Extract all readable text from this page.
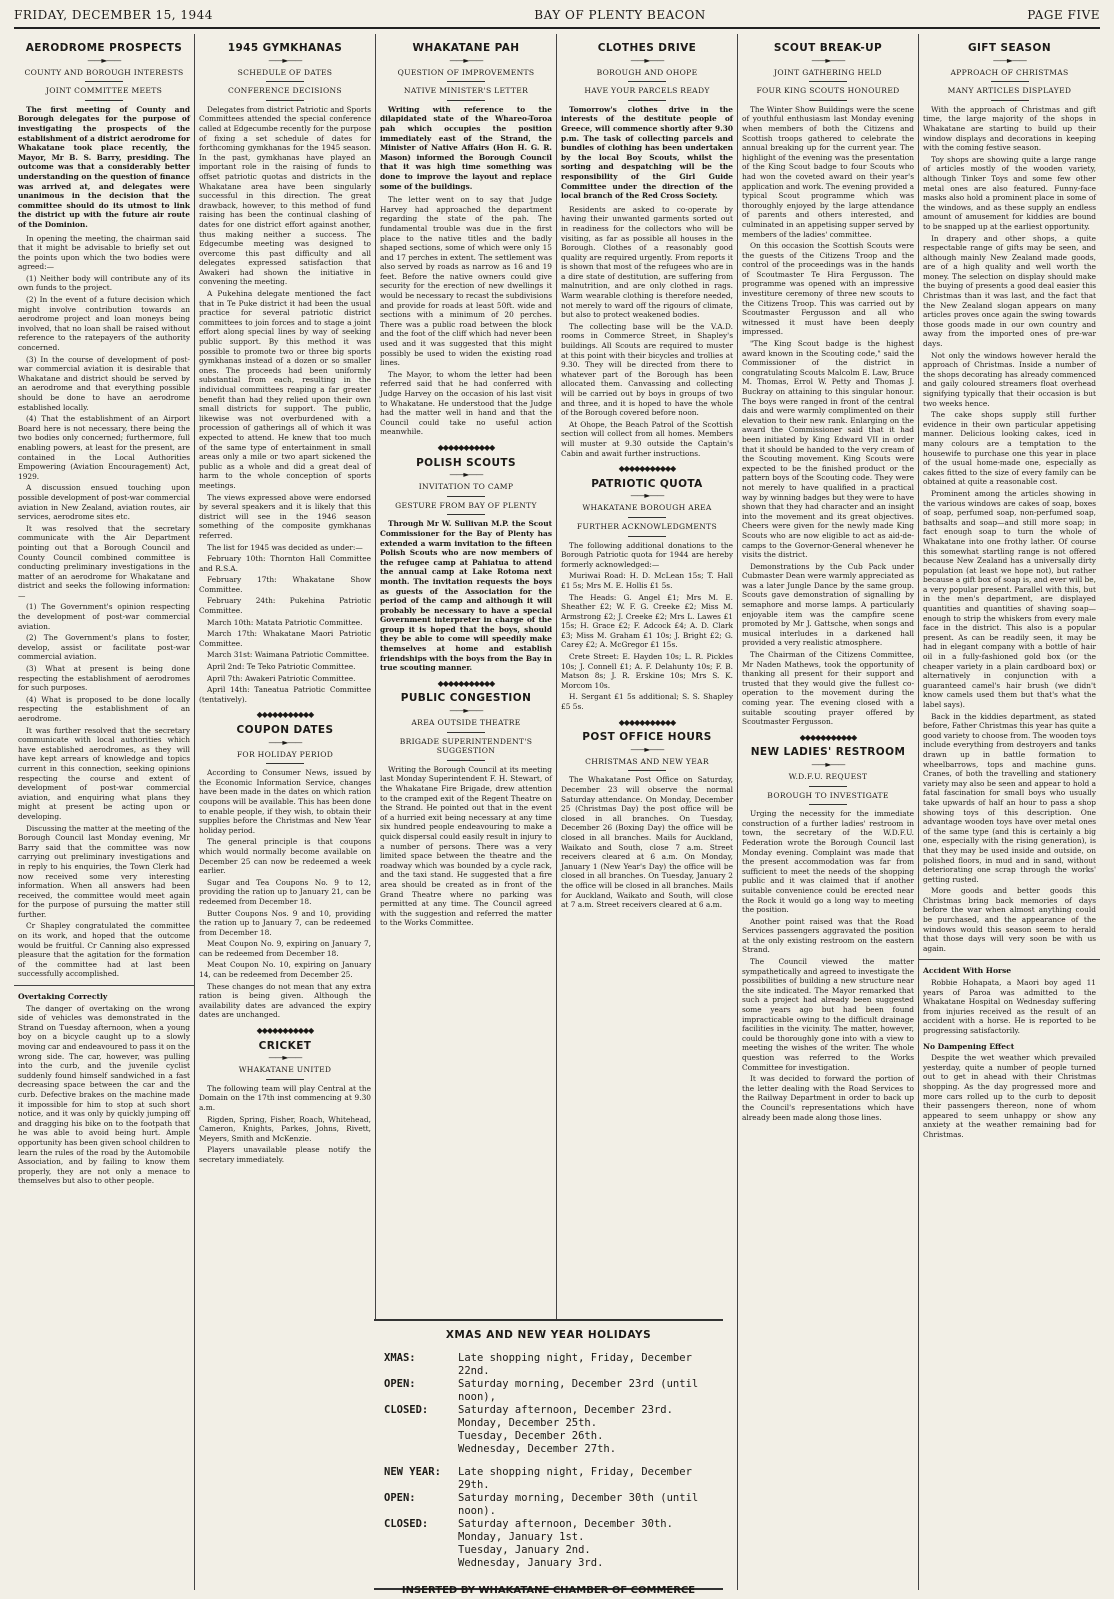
FRIDAY, DECEMBER 15, 1944	BAY OF PLENTY BEACON	PAGE FIVE
AERODROME PROSPECTS
——►——
COUNTY AND BOROUGH INTERESTS
JOINT COMMITTEE MEETS

The first meeting of County and Borough delegates for the purpose of investigating the prospects of the establishment of a district aerodrome for Whakatane took place recently, the Mayor, Mr B. S. Barry, presiding. The outcome was that a considerably better understanding on the question of finance was arrived at, and delegates were unanimous in the decision that the committee should do its utmost to link the district up with the future air route of the Dominion.

In opening the meeting, the chairman said that it might be advisable to briefly set out the points upon which the two bodies were agreed:—

(1) Neither body will contribute any of its own funds to the project.

(2) In the event of a future decision which might involve contribution towards an aerodrome project and loan moneys being involved, that no loan shall be raised without reference to the ratepayers of the authority concerned.

(3) In the course of development of post-war commercial aviation it is desirable that Whakatane and district should be served by an aerodrome and that everything possible should be done to have an aerodrome established locally.

(4) That the establishment of an Airport Board here is not necessary, there being the two bodies only concerned; furthermore, full enabling powers, at least for the present, are contained in the Local Authorities Empowering (Aviation Encouragement) Act, 1929.

A discussion ensued touching upon possible development of post-war commercial aviation in New Zealand, aviation routes, air services, aerodrome sites etc.

It was resolved that the secretary communicate with the Air Department pointing out that a Borough Council and County Council combined committee is conducting preliminary investigations in the matter of an aerodrome for Whakatane and district and seeks the following information:—

(1) The Government's opinion respecting the development of post-war commercial aviation.

(2) The Government's plans to foster, develop, assist or facilitate post-war commercial aviation.

(3) What at present is being done respecting the establishment of aerodromes for such purposes.

(4) What is proposed to be done locally respecting the establishment of an aerodrome.

It was further resolved that the secretary communicate with local authorities which have established aerodromes, as they will have kept arrears of knowledge and topics current in this connection, seeking opinions respecting the course and extent of development of post-war commercial aviation, and enquiring what plans they might at present be acting upon or developing.

Discussing the matter at the meeting of the Borough Council last Monday evening, Mr Barry said that the committee was now carrying out preliminary investigations and in reply to his enquiries, the Town Clerk had now received some very interesting information. When all answers had been received, the committee would meet again for the purpose of pursuing the matter still further.

Cr Shapley congratulated the committee on its work, and hoped that the outcome would be fruitful. Cr Canning also expressed pleasure that the agitation for the formation of the committee had at last been successfully accomplished.

Overtaking Correctly

The danger of overtaking on the wrong side of vehicles was demonstrated in the Strand on Tuesday afternoon, when a young boy on a bicycle caught up to a slowly moving car and endeavoured to pass it on the wrong side. The car, however, was pulling into the curb, and the juvenile cyclist suddenly found himself sandwiched in a fast decreasing space between the car and the curb. Defective brakes on the machine made it impossible for him to stop at such short notice, and it was only by quickly jumping off and dragging his bike on to the footpath that he was able to avoid being hurt. Ample opportunity has been given school children to learn the rules of the road by the Automobile Association, and by failing to know them properly, they are not only a menace to themselves but also to other people.

1945 GYMKHANAS
——►——
SCHEDULE OF DATES
CONFERENCE DECISIONS

Delegates from district Patriotic and Sports Committees attended the special conference called at Edgecumbe recently for the purpose of fixing a set schedule of dates for forthcoming gymkhanas for the 1945 season. In the past, gymkhanas have played an important role in the raising of funds to offset patriotic quotas and districts in the Whakatane area have been singularly successful in this direction. The great drawback, however, to this method of fund raising has been the continual clashing of dates for one district effort against another, thus making neither a success. The Edgecumbe meeting was designed to overcome this past difficulty and all delegates expressed satisfaction that Awakeri had shown the initiative in convening the meeting.

A Pukehina delegate mentioned the fact that in Te Puke district it had been the usual practice for several patriotic district committees to join forces and to stage a joint effort along special lines by way of seeking public support. By this method it was possible to promote two or three big sports gymkhanas instead of a dozen or so smaller ones. The proceeds had been uniformly substantial from each, resulting in the individual committees reaping a far greater benefit than had they relied upon their own small districts for support. The public, likewise was not overburdened with a procession of gatherings all of which it was expected to attend. He knew that too much of the same type of entertainment in small areas only a mile or two apart sickened the public as a whole and did a great deal of harm to the whole conception of sports meetings.

The views expressed above were endorsed by several speakers and it is likely that this district will see in the 1946 season something of the composite gymkhanas referred.

The list for 1945 was decided as under:—

February 10th: Thornton Hall Committee and R.S.A.

February 17th: Whakatane Show Committee.

February 24th: Pukehina Patriotic Committee.

March 10th: Matata Patriotic Committee.

March 17th: Whakatane Maori Patriotic Committee.

March 31st: Waimana Patriotic Committee.

April 2nd: Te Teko Patriotic Committee.

April 7th: Awakeri Patriotic Committee.

April 14th: Taneatua Patriotic Committee (tentatively).

◆◆◆◆◆◆◆◆◆◆◆
COUPON DATES
——►——
FOR HOLIDAY PERIOD

According to Consumer News, issued by the Economic Information Service, changes have been made in the dates on which ration coupons will be available. This has been done to enable people, if they wish, to obtain their supplies before the Christmas and New Year holiday period.

The general principle is that coupons which would normally become available on December 25 can now be redeemed a week earlier.

Sugar and Tea Coupons No. 9 to 12, providing the ration up to January 21, can be redeemed from December 18.

Butter Coupons Nos. 9 and 10, providing the ration up to January 7, can be redeemed from December 18.

Meat Coupon No. 9, expiring on January 7, can be redeemed from December 18.

Meat Coupon No. 10, expiring on January 14, can be redeemed from December 25.

These changes do not mean that any extra ration is being given. Although the availability dates are advanced the expiry dates are unchanged.

◆◆◆◆◆◆◆◆◆◆◆
CRICKET
——►——
WHAKATANE UNITED

The following team will play Central at the Domain on the 17th inst commencing at 9.30 a.m.

Rigden, Spring, Fisher, Roach, Whitehead, Cameron, Knights, Parkes, Johns, Rivett, Meyers, Smith and McKenzie.

Players unavailable please notify the secretary immediately.

WHAKATANE PAH
——►——
QUESTION OF IMPROVEMENTS
NATIVE MINISTER'S LETTER

Writing with reference to the dilapidated state of the Whareo-Toroa pah which occupies the position immediately east of the Strand, the Minister of Native Affairs (Hon H. G. R. Mason) informed the Borough Council that it was high time something was done to improve the layout and replace some of the buildings.

The letter went on to say that Judge Harvey had approached the department regarding the state of the pah. The fundamental trouble was due in the first place to the native titles and the badly shaped sections, some of which were only 15 and 17 perches in extent. The settlement was also served by roads as narrow as 16 and 19 feet. Before the native owners could give security for the erection of new dwellings it would be necessary to recast the subdivisions and provide for roads at least 50ft. wide and sections with a minimum of 20 perches. There was a public road between the block and the foot of the cliff which had never been used and it was suggested that this might possibly be used to widen the existing road lines.

The Mayor, to whom the letter had been referred said that he had conferred with Judge Harvey on the occasion of his last visit to Whakatane. He understood that the Judge had the matter well in hand and that the Council could take no useful action meanwhile.

◆◆◆◆◆◆◆◆◆◆◆
POLISH SCOUTS
——►——
INVITATION TO CAMP
GESTURE FROM BAY OF PLENTY

Through Mr W. Sullivan M.P. the Scout Commissioner for the Bay of Plenty has extended a warm invitation to the fifteen Polish Scouts who are now members of the refugee camp at Pahiatua to attend the annual camp at Lake Rotoma next month. The invitation requests the boys as guests of the Association for the period of the camp and although it will probably be necessary to have a special Government interpreter in charge of the group it is hoped that the boys, should they be able to come will speedily make themselves at home and establish friendships with the boys from the Bay in true scouting manner.

◆◆◆◆◆◆◆◆◆◆◆
PUBLIC CONGESTION
——►——
AREA OUTSIDE THEATRE
BRIGADE SUPERINTENDENT'S SUGGESTION

Writing the Borough Council at its meeting last Monday Superintendent F. H. Stewart, of the Whakatane Fire Brigade, drew attention to the cramped exit of the Regent Theatre on the Strand. He pointed out that in the event of a hurried exit being necessary at any time six hundred people endeavouring to make a quick dispersal could easily result in injury to a number of persons. There was a very limited space between the theatre and the roadway which was bounded by a cycle rack, and the taxi stand. He suggested that a fire area should be created as in front of the Grand Theatre where no parking was permitted at any time. The Council agreed with the suggestion and referred the matter to the Works Committee.

CLOTHES DRIVE
——►——
BOROUGH AND OHOPE
HAVE YOUR PARCELS READY

Tomorrow's clothes drive in the interests of the destitute people of Greece, will commence shortly after 9.30 p.m. The task of collecting parcels and bundles of clothing has been undertaken by the local Boy Scouts, whilst the sorting and despatching will be the responsibility of the Girl Guide Committee under the direction of the local branch of the Red Cross Society.

Residents are asked to co-operate by having their unwanted garments sorted out in readiness for the collectors who will be visiting, as far as possible all houses in the Borough. Clothes of a reasonably good quality are required urgently. From reports it is shown that most of the refugees who are in a dire state of destitution, are suffering from malnutrition, and are only clothed in rags. Warm wearable clothing is therefore needed, not merely to ward off the rigours of climate, but also to protect weakened bodies.

The collecting base will be the V.A.D. rooms in Commerce Street, in Shapley's buildings. All Scouts are required to muster at this point with their bicycles and trollies at 9.30. They will be directed from there to whatever part of the Borough has been allocated them. Canvassing and collecting will be carried out by boys in groups of two and three, and it is hoped to have the whole of the Borough covered before noon.

At Ohope, the Beach Patrol of the Scottish section will collect from all homes. Members will muster at 9.30 outside the Captain's Cabin and await further instructions.

◆◆◆◆◆◆◆◆◆◆◆
PATRIOTIC QUOTA
——►——
WHAKATANE BOROUGH AREA
FURTHER ACKNOWLEDGMENTS

The following additional donations to the Borough Patriotic quota for 1944 are hereby formerly acknowledged:—

Muriwai Road: H. D. McLean 15s; T. Hall £1 5s; Mrs M. E. Hollis £1 5s.

The Heads: G. Angel £1; Mrs M. E. Sheather £2; W. F. G. Creeke £2; Miss M. Armstrong £2; J. Creeke £2; Mrs L. Lawes £1 15s; H. Grace £2; F. Adcock £4; A. D. Clark £3; Miss M. Graham £1 10s; J. Bright £2; G. Carey £2; A. McGregor £1 15s.

Crete Street: E. Hayden 10s; L. R. Pickles 10s; J. Connell £1; A. F. Delahunty 10s; F. B. Matson 8s; J. R. Erskine 10s; Mrs S. K. Morcom 10s.

H. Sergant £1 5s additional; S. S. Shapley £5 5s.

◆◆◆◆◆◆◆◆◆◆◆
POST OFFICE HOURS
——►——
CHRISTMAS AND NEW YEAR

The Whakatane Post Office on Saturday, December 23 will observe the normal Saturday attendance. On Monday, December 25 (Christmas Day) the post office will be closed in all branches. On Tuesday, December 26 (Boxing Day) the office will be closed in all branches. Mails for Auckland, Waikato and South, close 7 a.m. Street receivers cleared at 6 a.m. On Monday, January 1 (New Year's Day) the office will be closed in all branches. On Tuesday, January 2 the office will be closed in all branches. Mails for Auckland, Waikato and South, will close at 7 a.m. Street receivers cleared at 6 a.m.

SCOUT BREAK-UP
——►——
JOINT GATHERING HELD
FOUR KING SCOUTS HONOURED

The Winter Show Buildings were the scene of youthful enthusiasm last Monday evening when members of both the Citizens and Scottish troops gathered to celebrate the annual breaking up for the current year. The highlight of the evening was the presentation of the King Scout badge to four Scouts who had won the coveted award on their year's application and work. The evening provided a typical Scout programme which was thoroughly enjoyed by the large attendance of parents and others interested, and culminated in an appetising supper served by members of the ladies' committee.

On this occasion the Scottish Scouts were the guests of the Citizens Troop and the control of the proceedings was in the hands of Scoutmaster Te Hira Fergusson. The programme was opened with an impressive investiture ceremony of three new scouts to the Citizens Troop. This was carried out by Scoutmaster Fergusson and all who witnessed it must have been deeply impressed.

"The King Scout badge is the highest award known in the Scouting code," said the Commissioner of the district in congratulating Scouts Malcolm E. Law, Bruce M. Thomas, Errol W. Petty and Thomas J. Buckray on attaining to this singular honour. The boys were ranged in front of the central dais and were warmly complimented on their elevation to their new rank. Enlarging on the award the Commissioner said that it had been initiated by King Edward VII in order that it should be handed to the very cream of the Scouting movement. King Scouts were expected to be the finished product or the pattern boys of the Scouting code. They were not merely to have qualified in a practical way by winning badges but they were to have shown that they had character and an insight into the movement and its great objectives. Cheers were given for the newly made King Scouts who are now eligible to act as aid-de-camps to the Governor-General whenever he visits the district.

Demonstrations by the Cub Pack under Cubmaster Dean were warmly appreciated as was a later Jungle Dance by the same group. Scouts gave demonstration of signalling by semaphore and morse lamps. A particularly enjoyable item was the campfire scene promoted by Mr J. Gattsche, when songs and musical interludes in a darkened hall provided a very realistic atmosphere.

The Chairman of the Citizens Committee, Mr Naden Mathews, took the opportunity of thanking all present for their support and trusted that they would give the fullest co-operation to the movement during the coming year. The evening closed with a suitable scouting prayer offered by Scoutmaster Fergusson.

◆◆◆◆◆◆◆◆◆◆◆
NEW LADIES' RESTROOM
——►——
W.D.F.U. REQUEST
BOROUGH TO INVESTIGATE

Urging the necessity for the immediate construction of a further ladies' restroom in town, the secretary of the W.D.F.U. Federation wrote the Borough Council last Monday evening. Complaint was made that the present accommodation was far from sufficient to meet the needs of the shopping public and it was claimed that if another suitable convenience could be erected near the Rock it would go a long way to meeting the position.

Another point raised was that the Road Services passengers aggravated the position at the only existing restroom on the eastern Strand.

The Council viewed the matter sympathetically and agreed to investigate the possibilities of building a new structure near the site indicated. The Mayor remarked that such a project had already been suggested some years ago but had been found impracticable owing to the difficult drainage facilities in the vicinity. The matter, however, could be thoroughly gone into with a view to meeting the wishes of the writer. The whole question was referred to the Works Committee for investigation.

It was decided to forward the portion of the letter dealing with the Road Services to the Railway Department in order to back up the Council's representations which have already been made along those lines.

GIFT SEASON
——►——
APPROACH OF CHRISTMAS
MANY ARTICLES DISPLAYED

With the approach of Christmas and gift time, the large majority of the shops in Whakatane are starting to build up their window displays and decorations in keeping with the coming festive season.

Toy shops are showing quite a large range of articles mostly of the wooden variety, although Tinker Toys and some few other metal ones are also featured. Funny-face masks also hold a prominent place in some of the windows, and as these supply an endless amount of amusement for kiddies are bound to be snapped up at the earliest opportunity.

In drapery and other shops, a quite respectable range of gifts may be seen, and although mainly New Zealand made goods, are of a high quality and well worth the money. The selection on display should make the buying of presents a good deal easier this Christmas than it was last, and the fact that the New Zealand slogan appears on many articles proves once again the swing towards those goods made in our own country and away from the imported ones of pre-war days.

Not only the windows however herald the approach of Christmas. Inside a number of the shops decorating has already commenced and gaily coloured streamers float overhead signifying typically that their occasion is but two weeks hence.

The cake shops supply still further evidence in their own particular appetising manner. Delicious looking cakes, iced in many colours are a temptation to the housewife to purchase one this year in place of the usual home-made one, especially as cakes fitted to the size of every family can be obtained at quite a reasonable cost.

Prominent among the articles showing in the various windows are cakes of soap, boxes of soap, perfumed soap, non-perfumed soap, bathsalts and soap—and still more soap; in fact enough soap to turn the whole of Whakatane into one frothy lather. Of course this somewhat startling range is not offered because New Zealand has a universally dirty population (at least we hope not), but rather because a gift box of soap is, and ever will be, a very popular present. Parallel with this, but in the men's department, are displayed quantities and quantities of shaving soap—enough to strip the whiskers from every male face in the district. This also is a popular present. As can be readily seen, it may be had in elegant company with a bottle of hair oil in a fully-fashioned gold box (or the cheaper variety in a plain cardboard box) or alternatively in conjunction with a guaranteed camel's hair brush (we didn't know camels used them but that's what the label says).

Back in the kiddies department, as stated before, Father Christmas this year has quite a good variety to choose from. The wooden toys include everything from destroyers and tanks drawn up in battle formation to wheelbarrows, tops and machine guns. Cranes, of both the travelling and stationery variety may also be seen and appear to hold a fatal fascination for small boys who usually take upwards of half an hour to pass a shop showing toys of this description. One advantage wooden toys have over metal ones of the same type (and this is certainly a big one, especially with the rising generation), is that they may be used inside and outside, on polished floors, in mud and in sand, without deteriorating one scrap through the works' getting rusted.

More goods and better goods this Christmas bring back memories of days before the war when almost anything could be purchased, and the appearance of the windows would this season seem to herald that those days will very soon be with us again.

Accident With Horse

Robbie Hohapata, a Maori boy aged 11 years of Paroa was admitted to the Whakatane Hospital on Wednesday suffering from injuries received as the result of an accident with a horse. He is reported to be progressing satisfactorily.

No Dampening Effect

Despite the wet weather which prevailed yesterday, quite a number of people turned out to get in ahead with their Christmas shopping. As the day progressed more and more cars rolled up to the curb to deposit their passengers thereon, none of whom appeared to seem unhappy or show any anxiety at the weather remaining bad for Christmas.

XMAS AND NEW YEAR HOLIDAYS
XMAS:	Late shopping night, Friday, December 22nd.
OPEN:	Saturday morning, December 23rd (until noon),
CLOSED:	Saturday afternoon, December 23rd.
Monday, December 25th.
Tuesday, December 26th.
Wednesday, December 27th.
NEW YEAR:	Late shopping night, Friday, December 29th.
OPEN:	Saturday morning, December 30th (until noon).
CLOSED:	Saturday afternoon, December 30th.
Monday, January 1st.
Tuesday, January 2nd.
Wednesday, January 3rd.
INSERTED BY WHAKATANE CHAMBER OF COMMERCE
